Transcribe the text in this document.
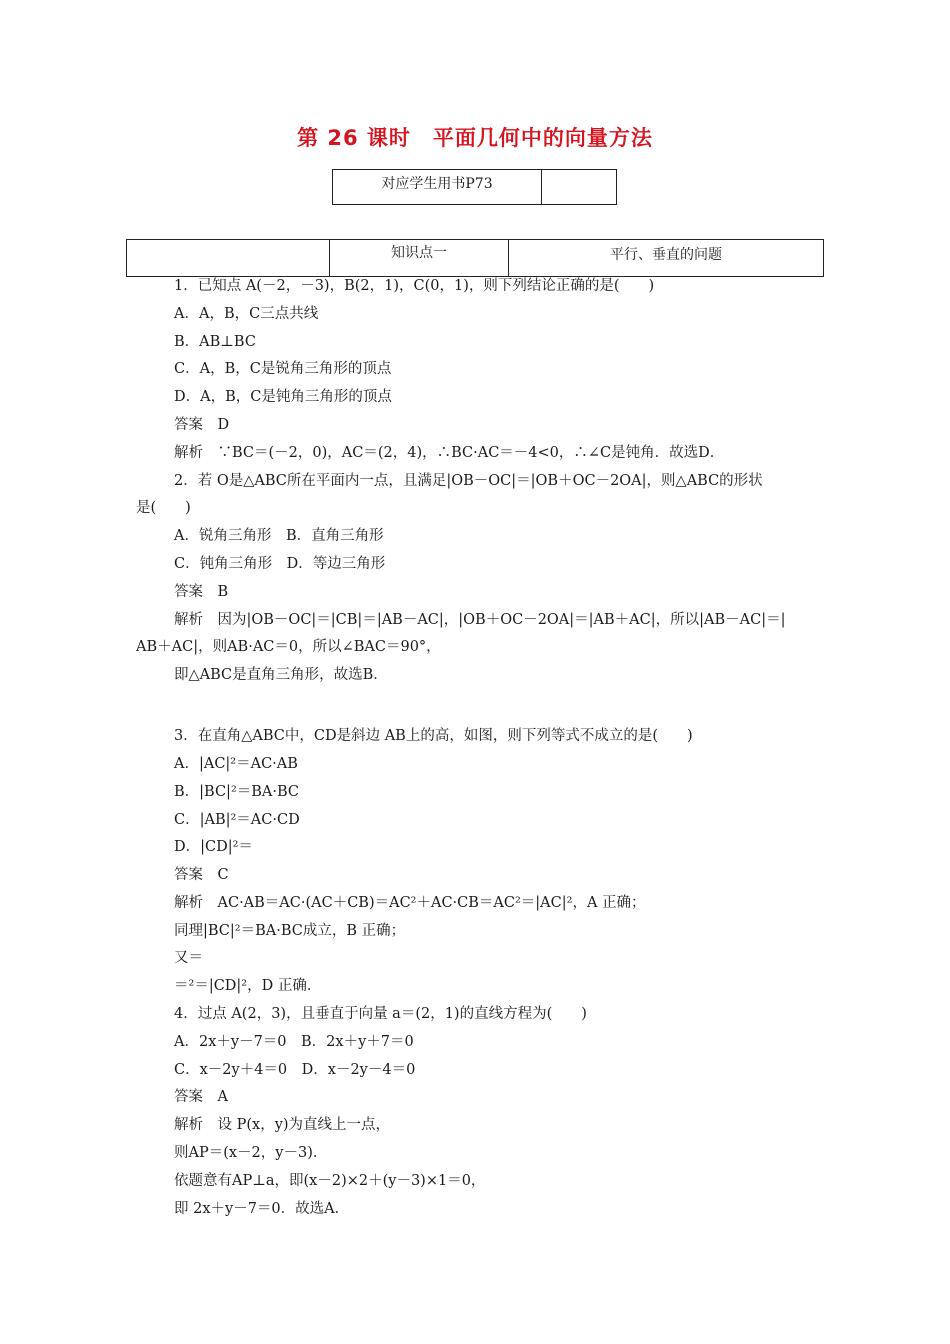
第 26 课时　平面几何中的向量方法
对应学生用书P73
知识点一	平行、垂直的问题
1．已知点 A(－2，－3)，B(2，1)，C(0，1)，则下列结论正确的是(　　)
A．A，B，C三点共线
B．AB⊥BC
C．A，B，C是锐角三角形的顶点
D．A，B，C是钝角三角形的顶点
答案　D
解析　∵BC＝(－2，0)，AC＝(2，4)，∴BC·AC＝－4<0，∴∠C是钝角．故选D．
2．若 O是△ABC所在平面内一点，且满足|OB－OC|＝|OB＋OC－2OA|，则△ABC的形状
是(　　)
A．锐角三角形　B．直角三角形
C．钝角三角形　D．等边三角形
答案　B
解析　因为|OB－OC|＝|CB|＝|AB－AC|，|OB＋OC－2OA|＝|AB＋AC|，所以|AB－AC|＝|
AB＋AC|，则AB·AC＝0，所以∠BAC＝90°，
即△ABC是直角三角形，故选B．
3．在直角△ABC中，CD是斜边 AB上的高，如图，则下列等式不成立的是(　　)
A．|AC|²＝AC·AB
B．|BC|²＝BA·BC
C．|AB|²＝AC·CD
D．|CD|²＝
答案　C
解析　AC·AB＝AC·(AC＋CB)＝AC²＋AC·CB＝AC²＝|AC|²，A 正确；
同理|BC|²＝BA·BC成立，B 正确；
又＝
＝²＝|CD|²，D 正确．
4．过点 A(2，3)，且垂直于向量 a＝(2，1)的直线方程为(　　)
A．2x＋y－7＝0　B．2x＋y＋7＝0
C．x－2y＋4＝0　D．x－2y－4＝0
答案　A
解析　设 P(x，y)为直线上一点，
则AP＝(x－2，y－3)．
依题意有AP⊥a，即(x－2)×2＋(y－3)×1＝0，
即 2x＋y－7＝0．故选A．
